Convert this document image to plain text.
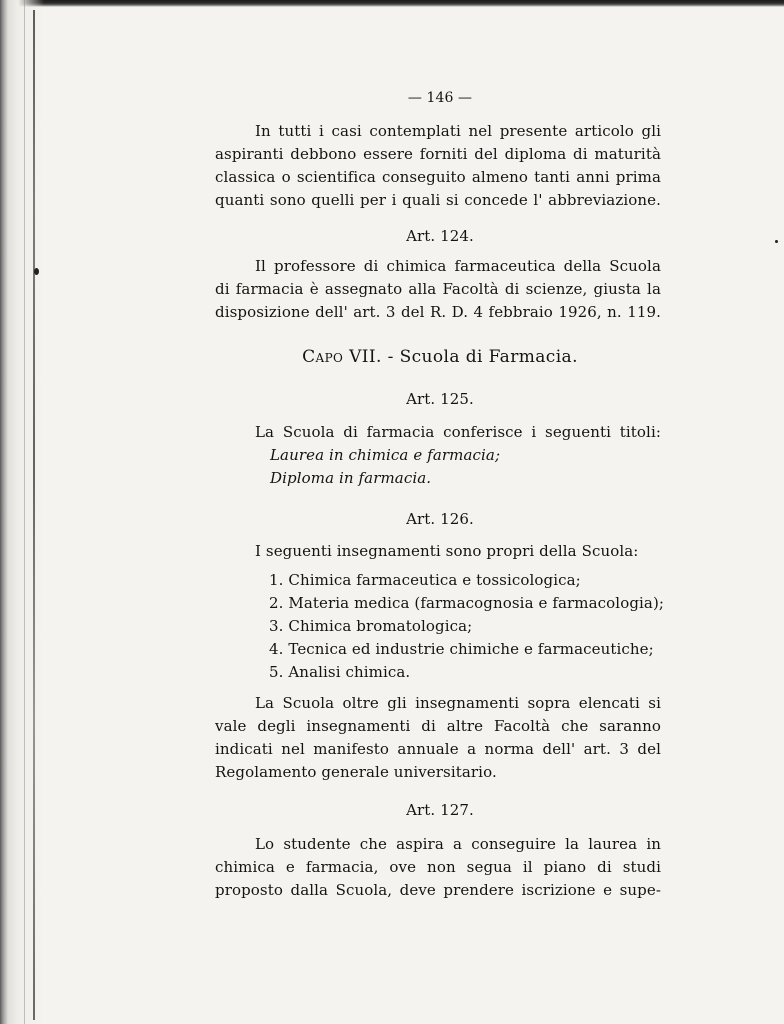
— 146 —
In tutti i casi contemplati nel presente articolo gli
aspiranti debbono essere forniti del diploma di maturità
classica o scientifica conseguito almeno tanti anni prima
quanti sono quelli per i quali si concede l' abbreviazione.
Art. 124.
Il professore di chimica farmaceutica della Scuola
di farmacia è assegnato alla Facoltà di scienze, giusta la
disposizione dell' art. 3 del R. D. 4 febbraio 1926, n. 119.
Capo VII. - Scuola di Farmacia.
Art. 125.
La Scuola di farmacia conferisce i seguenti titoli:
Laurea in chimica e farmacia;
Diploma in farmacia.
Art. 126.
I seguenti insegnamenti sono propri della Scuola:
1. Chimica farmaceutica e tossicologica;
2. Materia medica (farmacognosia e farmacologia);
3. Chimica bromatologica;
4. Tecnica ed industrie chimiche e farmaceutiche;
5. Analisi chimica.
La Scuola oltre gli insegnamenti sopra elencati si
vale degli insegnamenti di altre Facoltà che saranno
indicati nel manifesto annuale a norma dell' art. 3 del
Regolamento generale universitario.
Art. 127.
Lo studente che aspira a conseguire la laurea in
chimica e farmacia, ove non segua il piano di studi
proposto dalla Scuola, deve prendere iscrizione e supe-
